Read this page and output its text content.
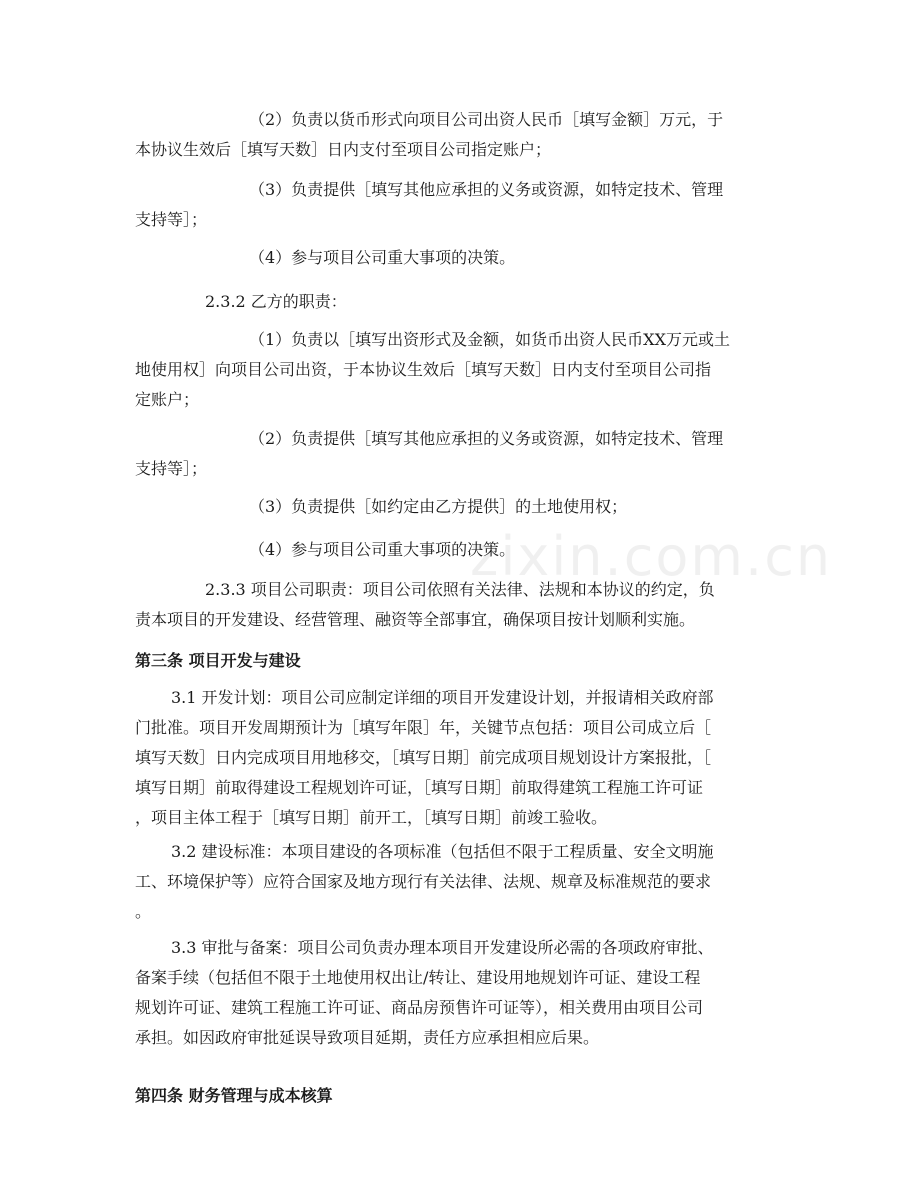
zixin.com.cn
（2）负责以货币形式向项目公司出资人民币［填写金额］万元，于
本协议生效后［填写天数］日内支付至项目公司指定账户；
（3）负责提供［填写其他应承担的义务或资源，如特定技术、管理
支持等］；
（4）参与项目公司重大事项的决策。
2.3.2 乙方的职责：
（1）负责以［填写出资形式及金额，如货币出资人民币XX万元或土
地使用权］向项目公司出资，于本协议生效后［填写天数］日内支付至项目公司指
定账户；
（2）负责提供［填写其他应承担的义务或资源，如特定技术、管理
支持等］；
（3）负责提供［如约定由乙方提供］的土地使用权；
（4）参与项目公司重大事项的决策。
2.3.3 项目公司职责：项目公司依照有关法律、法规和本协议的约定，负
责本项目的开发建设、经营管理、融资等全部事宜，确保项目按计划顺利实施。
第三条 项目开发与建设
3.1 开发计划：项目公司应制定详细的项目开发建设计划，并报请相关政府部
门批准。项目开发周期预计为［填写年限］年，关键节点包括：项目公司成立后［
填写天数］日内完成项目用地移交，［填写日期］前完成项目规划设计方案报批，［
填写日期］前取得建设工程规划许可证，［填写日期］前取得建筑工程施工许可证
，项目主体工程于［填写日期］前开工，［填写日期］前竣工验收。
3.2 建设标准：本项目建设的各项标准（包括但不限于工程质量、安全文明施
工、环境保护等）应符合国家及地方现行有关法律、法规、规章及标准规范的要求
。
3.3 审批与备案：项目公司负责办理本项目开发建设所必需的各项政府审批、
备案手续（包括但不限于土地使用权出让/转让、建设用地规划许可证、建设工程
规划许可证、建筑工程施工许可证、商品房预售许可证等），相关费用由项目公司
承担。如因政府审批延误导致项目延期，责任方应承担相应后果。
第四条 财务管理与成本核算
